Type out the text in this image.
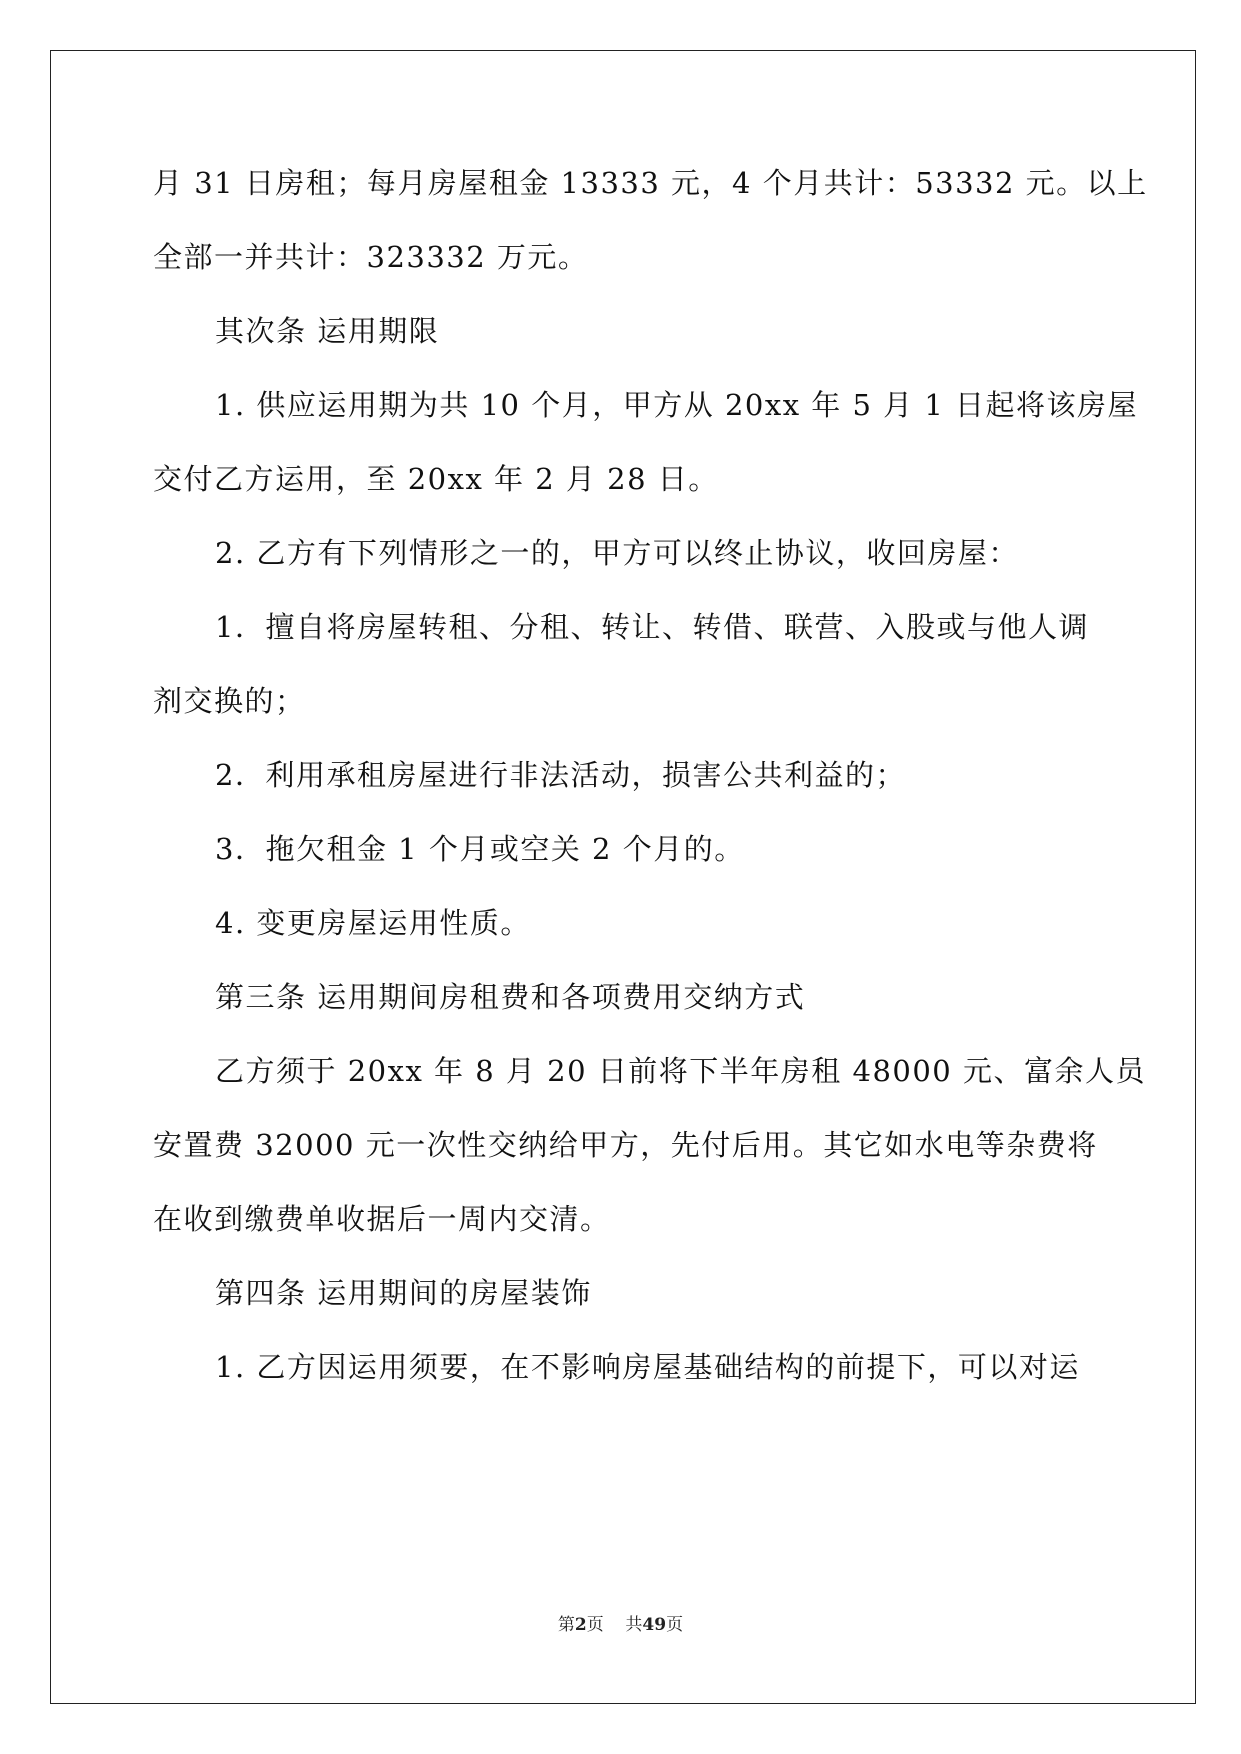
月 31 日房租；每月房屋租金 13333 元，4 个月共计：53332 元。以上
全部一并共计：323332 万元。
其次条 运用期限
1. 供应运用期为共 10 个月，甲方从 20xx 年 5 月 1 日起将该房屋
交付乙方运用，至 20xx 年 2 月 28 日。
2. 乙方有下列情形之一的，甲方可以终止协议，收回房屋：
1．擅自将房屋转租、分租、转让、转借、联营、入股或与他人调
剂交换的；
2．利用承租房屋进行非法活动，损害公共利益的；
3．拖欠租金 1 个月或空关 2 个月的。
4. 变更房屋运用性质。
第三条 运用期间房租费和各项费用交纳方式
乙方须于 20xx 年 8 月 20 日前将下半年房租 48000 元、富余人员
安置费 32000 元一次性交纳给甲方，先付后用。其它如水电等杂费将
在收到缴费单收据后一周内交清。
第四条 运用期间的房屋装饰
1. 乙方因运用须要，在不影响房屋基础结构的前提下，可以对运
第2页 共49页
